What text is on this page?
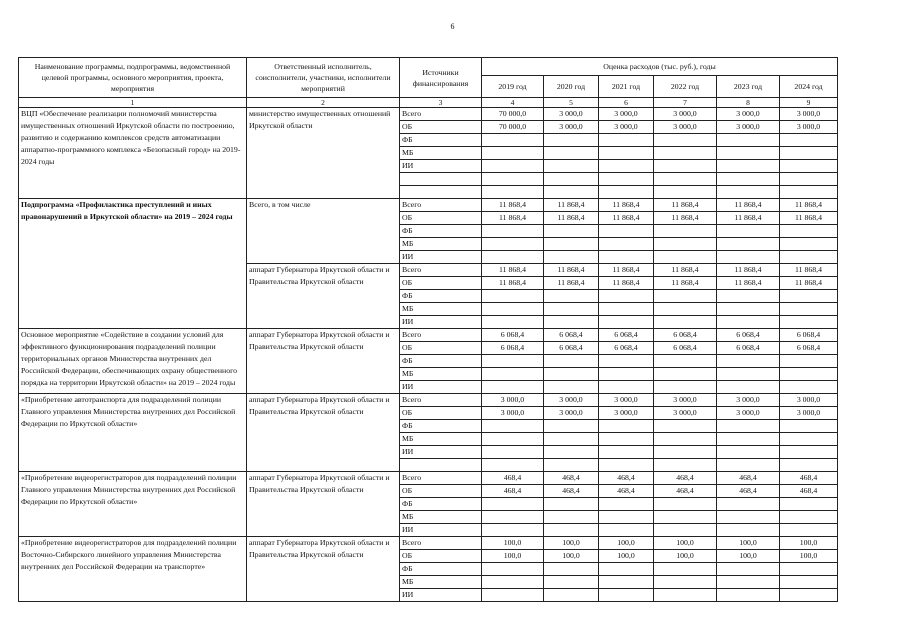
6
Наименование программы, подпрограммы, ведомственной целевой программы, основного мероприятия, проекта, мероприятия	Ответственный исполнитель, соисполнители, участники, исполнители мероприятий	Источники финансирования	Оценка расходов (тыс. руб.), годы					
			2019 год	2020 год	2021 год	2022 год	2023 год	2024 год
1	2	3	4	5	6	7	8	9
ВЦП «Обеспечение реализации полномочий министерства имущественных отношений Иркутской области по построению, развитию и содержанию комплексов средств автоматизации аппаратно-программного комплекса «Безопасный город» на 2019-2024 годы	министерство имущественных отношений Иркутской области	Всего	70 000,0	3 000,0	3 000,0	3 000,0	3 000,0	3 000,0
		ОБ	70 000,0	3 000,0	3 000,0	3 000,0	3 000,0	3 000,0
		ФБ						
		МБ						
		ИИ						

Подпрограмма «Профилактика преступлений и иных правонарушений в Иркутской области» на 2019 – 2024 годы	Всего, в том числе	Всего	11 868,4	11 868,4	11 868,4	11 868,4	11 868,4	11 868,4
		ОБ	11 868,4	11 868,4	11 868,4	11 868,4	11 868,4	11 868,4
		ФБ						
		МБ						
		ИИ						
	аппарат Губернатора Иркутской области и Правительства Иркутской области	Всего	11 868,4	11 868,4	11 868,4	11 868,4	11 868,4	11 868,4
		ОБ	11 868,4	11 868,4	11 868,4	11 868,4	11 868,4	11 868,4
		ФБ						
		МБ						
		ИИ						
Основное мероприятие «Содействие в создании условий для эффективного функционирования подразделений полиции территориальных органов Министерства внутренних дел Российской Федерации, обеспечивающих охрану общественного порядка на территории Иркутской области» на 2019 – 2024 годы	аппарат Губернатора Иркутской области и Правительства Иркутской области	Всего	6 068,4	6 068,4	6 068,4	6 068,4	6 068,4	6 068,4
		ОБ	6 068,4	6 068,4	6 068,4	6 068,4	6 068,4	6 068,4
		ФБ						
		МБ						
		ИИ						
«Приобретение автотранспорта для подразделений полиции Главного управления Министерства внутренних дел Российской Федерации по Иркутской области»	аппарат Губернатора Иркутской области и Правительства Иркутской области	Всего	3 000,0	3 000,0	3 000,0	3 000,0	3 000,0	3 000,0
		ОБ	3 000,0	3 000,0	3 000,0	3 000,0	3 000,0	3 000,0
		ФБ						
		МБ						
		ИИ						

«Приобретение видеорегистраторов для подразделений полиции Главного управления Министерства внутренних дел Российской Федерации по Иркутской области»	аппарат Губернатора Иркутской области и Правительства Иркутской области	Всего	468,4	468,4	468,4	468,4	468,4	468,4
		ОБ	468,4	468,4	468,4	468,4	468,4	468,4
		ФБ						
		МБ						
		ИИ						
«Приобретение видеорегистраторов для подразделений полиции Восточно-Сибирского линейного управления Министерства внутренних дел Российской Федерации на транспорте»	аппарат Губернатора Иркутской области и Правительства Иркутской области	Всего	100,0	100,0	100,0	100,0	100,0	100,0
		ОБ	100,0	100,0	100,0	100,0	100,0	100,0
		ФБ						
		МБ						
		ИИ						
